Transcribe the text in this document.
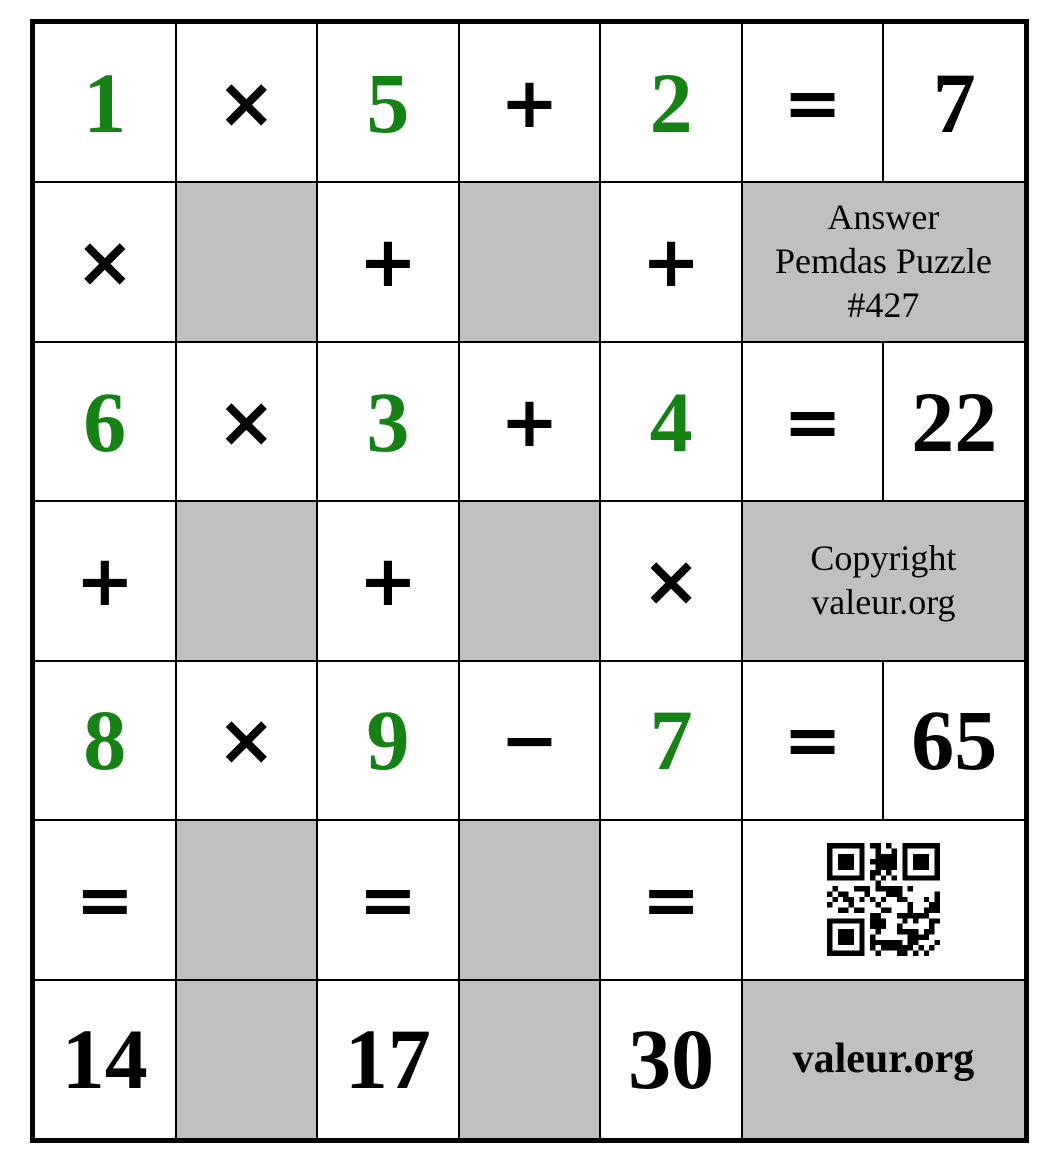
1 × 5 + 2 = 7
×	+	+
Answer
Pemdas Puzzle
#427
6 × 3 + 4 = 22
+	+	×	Copyright
valeur.org
8 × 9 − 7 = 65
=	=	=
14 17 30 valeur.org
